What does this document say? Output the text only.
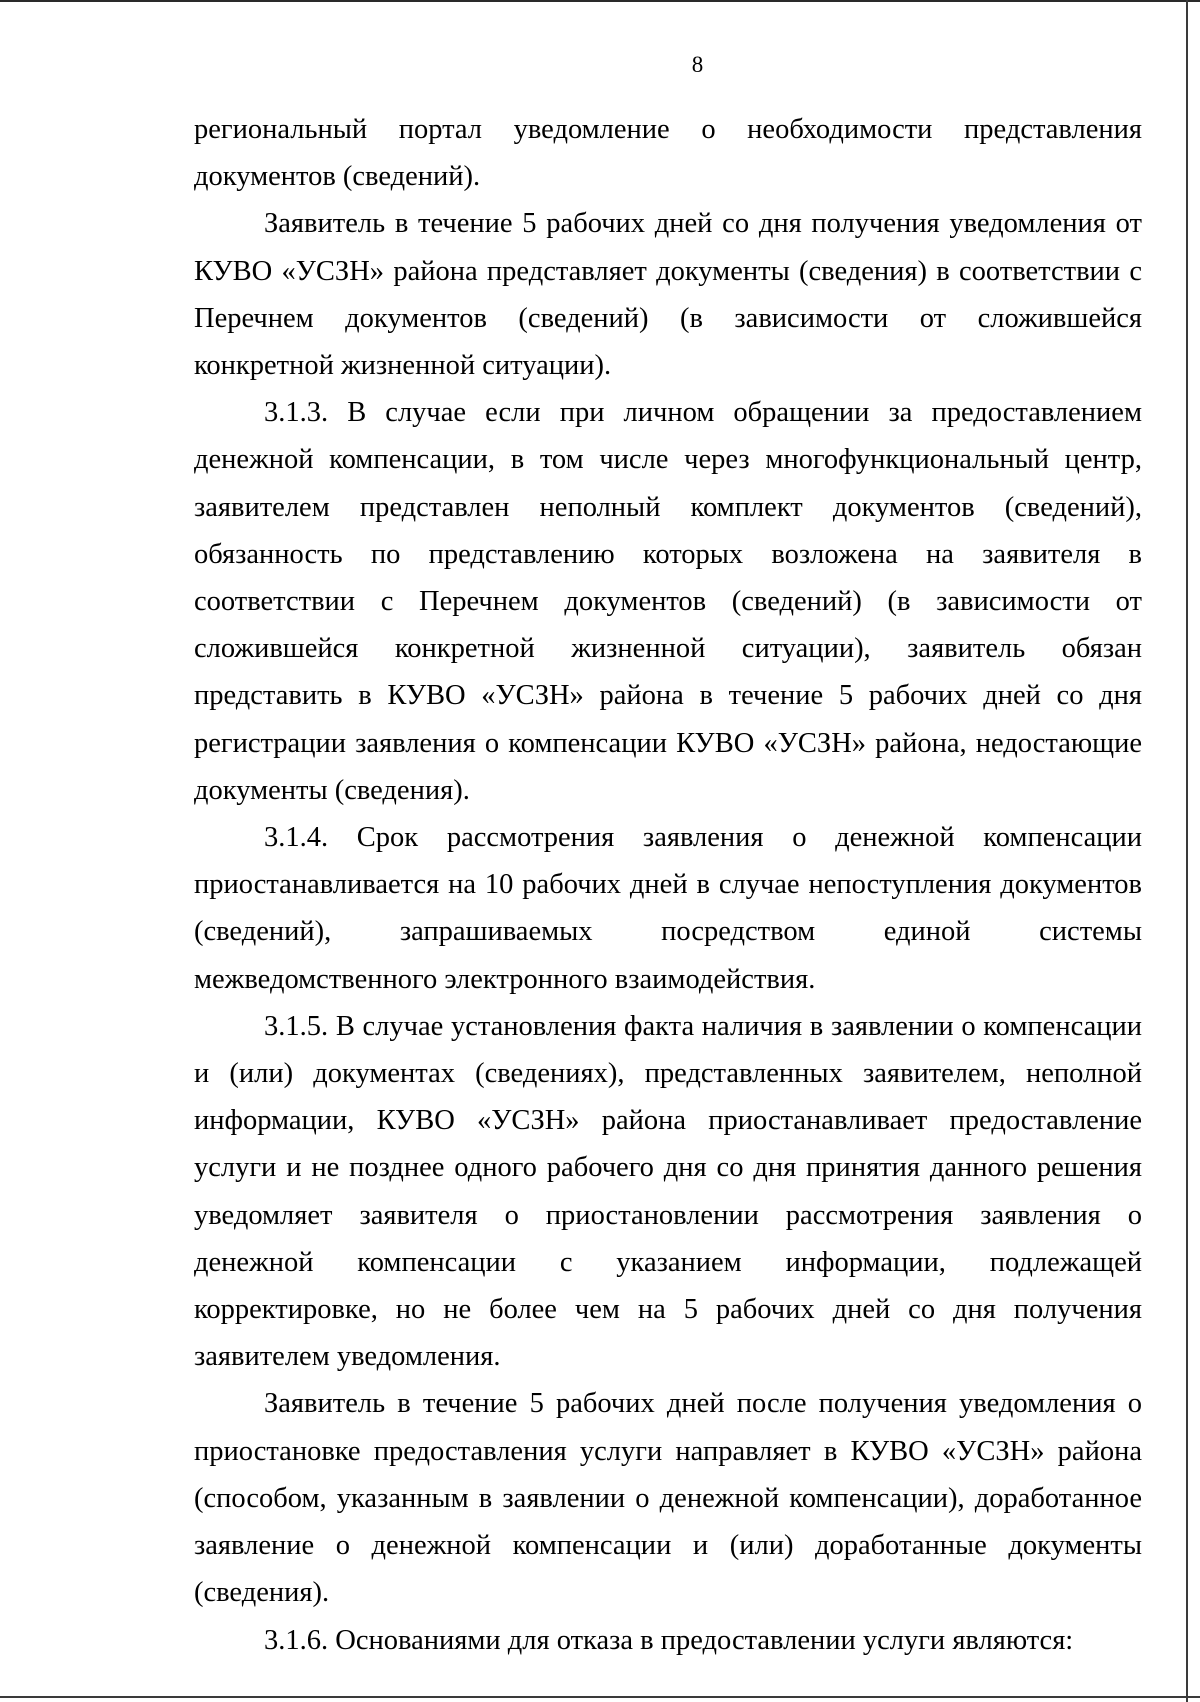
8

региональный портал уведомление о необходимости представления документов (сведений).

Заявитель в течение 5 рабочих дней со дня получения уведомления от КУВО «УСЗН» района представляет документы (сведения) в соответствии с Перечнем документов (сведений) (в зависимости от сложившейся конкретной жизненной ситуации).

3.1.3. В случае если при личном обращении за предоставлением денежной компенсации, в том числе через многофункциональный центр, заявителем представлен неполный комплект документов (сведений), обязанность по представлению которых возложена на заявителя в соответствии с Перечнем документов (сведений) (в зависимости от сложившейся конкретной жизненной ситуации), заявитель обязан представить в КУВО «УСЗН» района в течение 5 рабочих дней со дня регистрации заявления о компенсации КУВО «УСЗН» района, недостающие документы (сведения).

3.1.4. Срок рассмотрения заявления о денежной компенсации приостанавливается на 10 рабочих дней в случае непоступления документов (сведений), запрашиваемых посредством единой системы межведомственного электронного взаимодействия.

3.1.5. В случае установления факта наличия в заявлении о компенсации и (или) документах (сведениях), представленных заявителем, неполной информации, КУВО «УСЗН» района приостанавливает предоставление услуги и не позднее одного рабочего дня со дня принятия данного решения уведомляет заявителя о приостановлении рассмотрения заявления о денежной компенсации с указанием информации, подлежащей корректировке, но не более чем на 5 рабочих дней со дня получения заявителем уведомления.

Заявитель в течение 5 рабочих дней после получения уведомления о приостановке предоставления услуги направляет в КУВО «УСЗН» района (способом, указанным в заявлении о денежной компенсации), доработанное заявление о денежной компенсации и (или) доработанные документы (сведения).

3.1.6. Основаниями для отказа в предоставлении услуги являются:
